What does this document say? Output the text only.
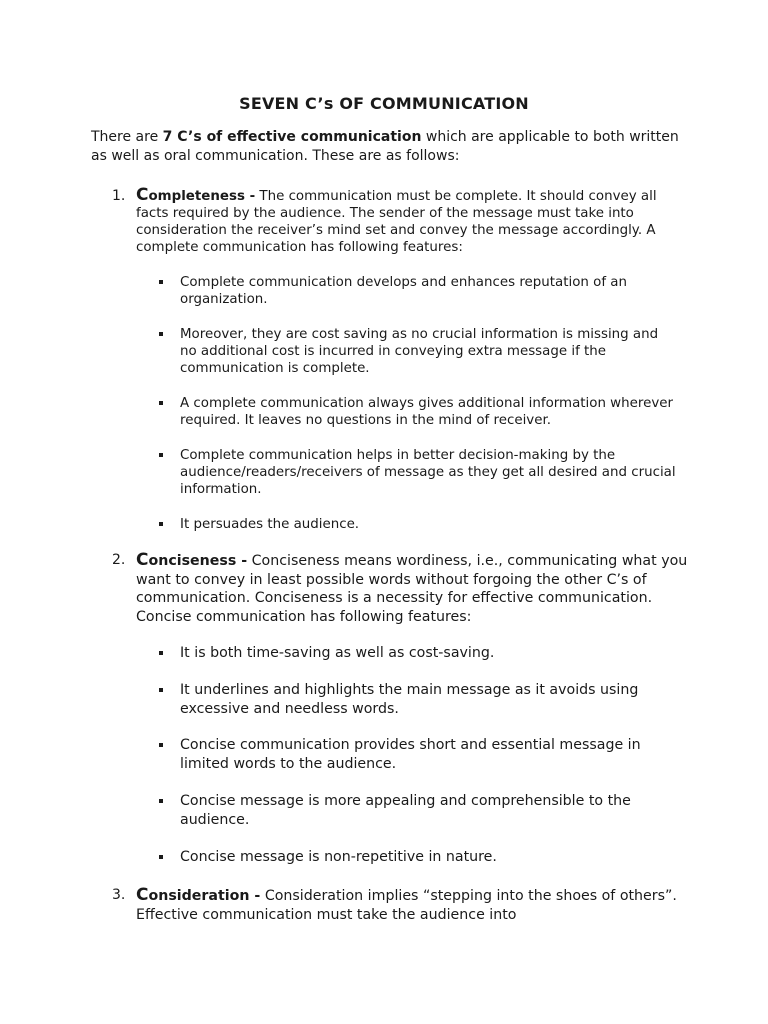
SEVEN C’s OF COMMUNICATION
There are 7 C’s of effective communication which are applicable to both written as well as oral communication. These are as follows:
1. Completeness - The communication must be complete. It should convey all facts required by the audience. The sender of the message must take into consideration the receiver’s mind set and convey the message accordingly. A complete communication has following features:
Complete communication develops and enhances reputation of an organization.
Moreover, they are cost saving as no crucial information is missing and no additional cost is incurred in conveying extra message if the communication is complete.
A complete communication always gives additional information wherever required. It leaves no questions in the mind of receiver.
Complete communication helps in better decision-making by the audience/readers/receivers of message as they get all desired and crucial information.
It persuades the audience.
2. Conciseness - Conciseness means wordiness, i.e., communicating what you want to convey in least possible words without forgoing the other C’s of communication. Conciseness is a necessity for effective communication. Concise communication has following features:
It is both time-saving as well as cost-saving.
It underlines and highlights the main message as it avoids using excessive and needless words.
Concise communication provides short and essential message in limited words to the audience.
Concise message is more appealing and comprehensible to the audience.
Concise message is non-repetitive in nature.
3. Consideration - Consideration implies “stepping into the shoes of others”. Effective communication must take the audience into
